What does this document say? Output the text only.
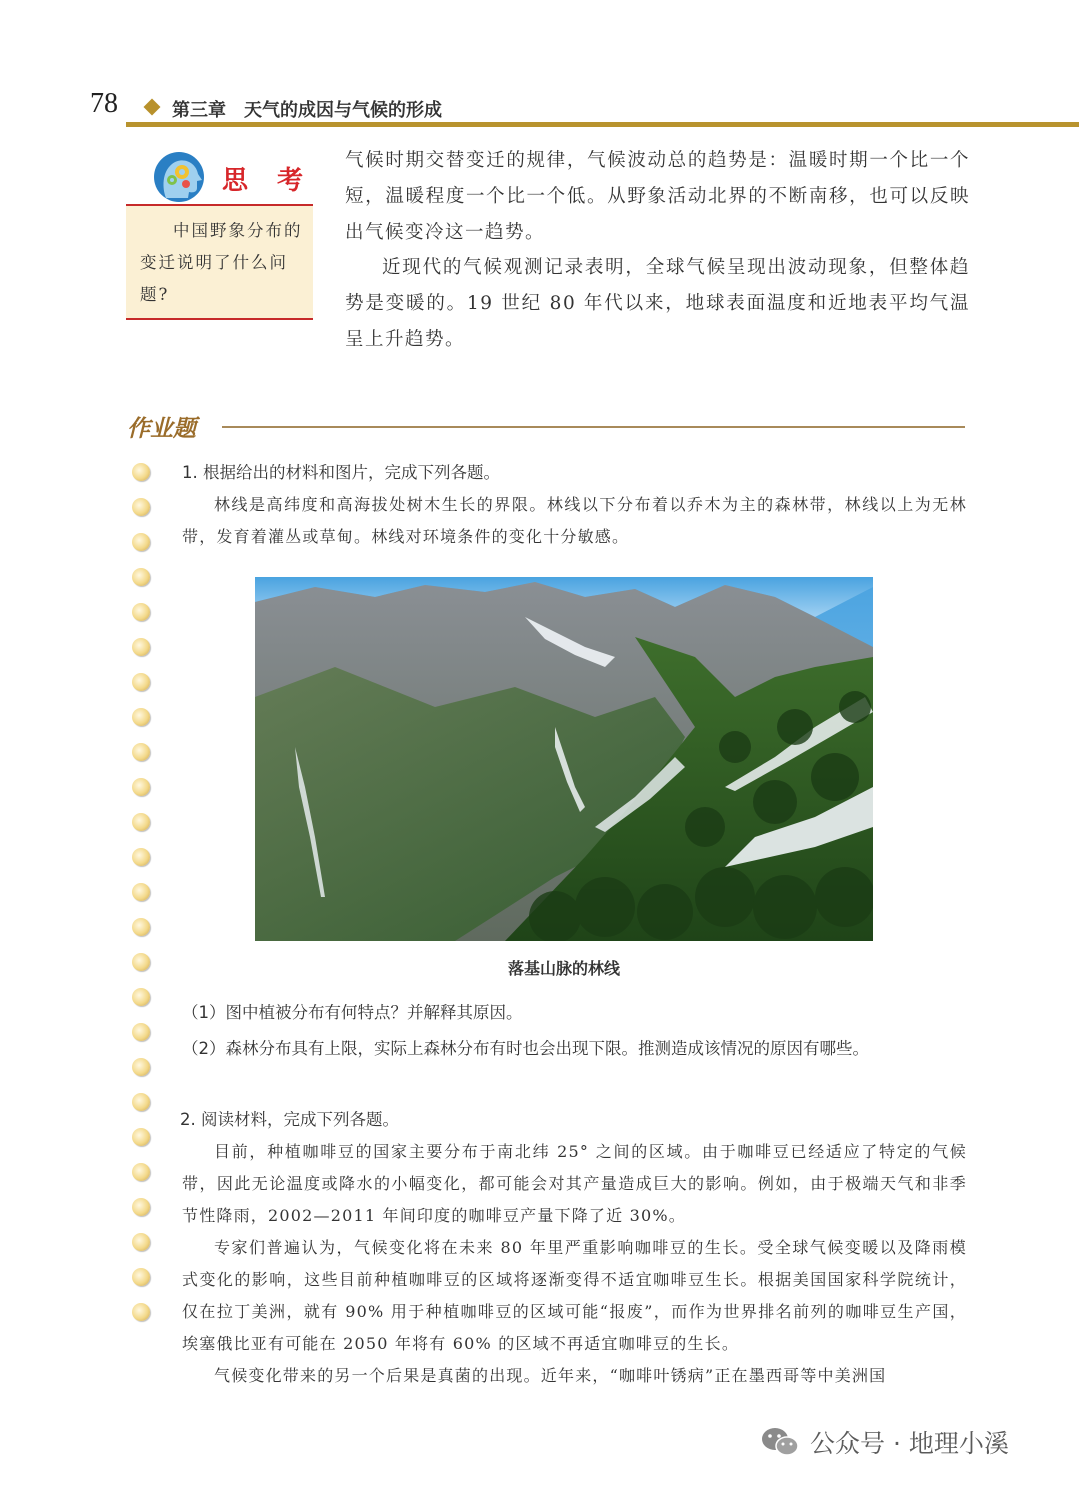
78	第三章　天气的成因与气候的形成
思 考
中国野象分布的变迁说明了什么问题?
气候时期交替变迁的规律，气候波动总的趋势是：温暖时期一个比一个短，温暖程度一个比一个低。从野象活动北界的不断南移，也可以反映出气候变冷这一趋势。
近现代的气候观测记录表明，全球气候呈现出波动现象，但整体趋势是变暖的。19 世纪 80 年代以来，地球表面温度和近地表平均气温呈上升趋势。
作业题
1. 根据给出的材料和图片，完成下列各题。
林线是高纬度和高海拔处树木生长的界限。林线以下分布着以乔木为主的森林带，林线以上为无林带，发育着灌丛或草甸。林线对环境条件的变化十分敏感。
落基山脉的林线
（1）图中植被分布有何特点？并解释其原因。
（2）森林分布具有上限，实际上森林分布有时也会出现下限。推测造成该情况的原因有哪些。
2. 阅读材料，完成下列各题。
目前，种植咖啡豆的国家主要分布于南北纬 25° 之间的区域。由于咖啡豆已经适应了特定的气候带，因此无论温度或降水的小幅变化，都可能会对其产量造成巨大的影响。例如，由于极端天气和非季节性降雨，2002—2011 年间印度的咖啡豆产量下降了近 30%。
专家们普遍认为，气候变化将在未来 80 年里严重影响咖啡豆的生长。受全球气候变暖以及降雨模式变化的影响，这些目前种植咖啡豆的区域将逐渐变得不适宜咖啡豆生长。根据美国国家科学院统计，仅在拉丁美洲，就有 90% 用于种植咖啡豆的区域可能“报废”，而作为世界排名前列的咖啡豆生产国，埃塞俄比亚有可能在 2050 年将有 60% 的区域不再适宜咖啡豆的生长。
气候变化带来的另一个后果是真菌的出现。近年来，“咖啡叶锈病”正在墨西哥等中美洲国
公众号 · 地理小溪
